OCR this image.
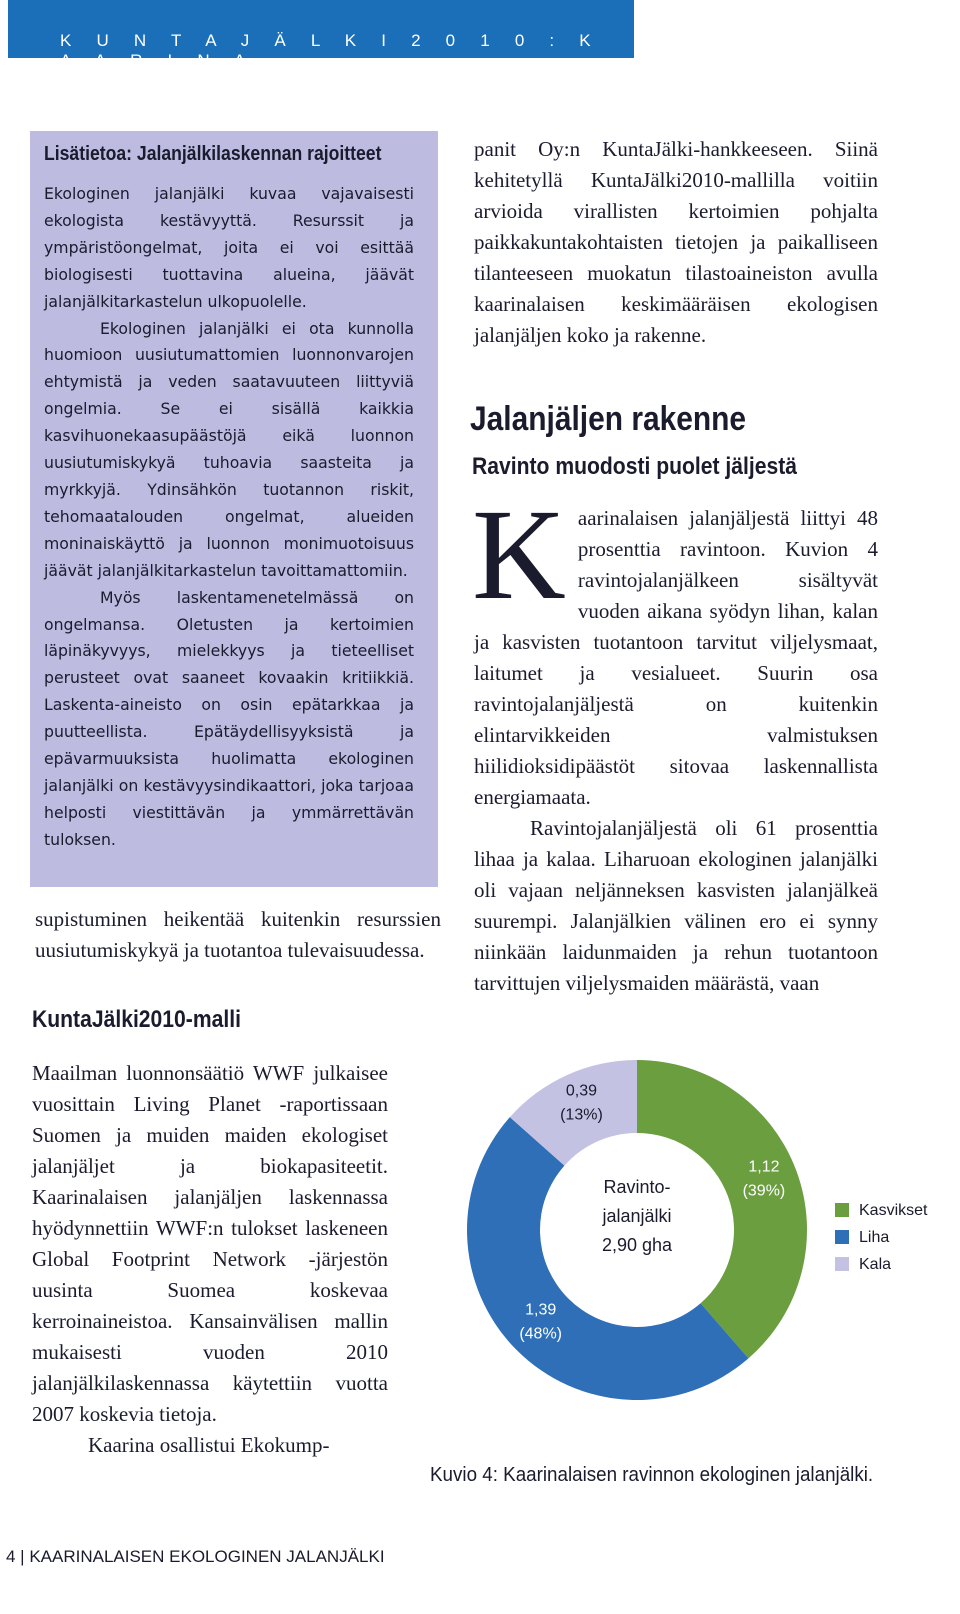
K U N T A J Ä L K I 2 0 1 0 : K A A R I N A
Lisätietoa: Jalanjälkilaskennan rajoitteet

Ekologinen jalanjälki kuvaa vajavaisesti ekologista kestävyyttä. Resurssit ja ympäristöongelmat, joita ei voi esittää biologisesti tuottavina alueina, jäävät jalanjälkitarkastelun ulkopuolelle.

Ekologinen jalanjälki ei ota kunnolla huomioon uusiutumattomien luonnonvarojen ehtymistä ja veden saatavuuteen liittyviä ongelmia. Se ei sisällä kaikkia kasvihuonekaasupäästöjä eikä luonnon uusiutumiskykyä tuhoavia saasteita ja myrkkyjä. Ydinsähkön tuotannon riskit, tehomaatalouden ongelmat, alueiden moninaiskäyttö ja luonnon monimuotoisuus jäävät jalanjälkitarkastelun tavoittamattomiin.

Myös laskentamenetelmässä on ongelmansa. Oletusten ja kertoimien läpinäkyvyys, mielekkyys ja tieteelliset perusteet ovat saaneet kovaakin kritiikkiä. Laskenta-aineisto on osin epätarkkaa ja puutteellista. Epätäydellisyyksistä ja epävarmuuksista huolimatta ekologinen jalanjälki on kestävyysindikaattori, joka tarjoaa helposti viestittävän ja ymmärrettävän tuloksen.

supistuminen heikentää kuitenkin resurssien uusiutumiskykyä ja tuotantoa tulevaisuudessa.

KuntaJälki2010-malli

Maailman luonnonsäätiö WWF julkaisee vuosittain Living Planet -raportissaan Suomen ja muiden maiden ekologiset jalanjäljet ja biokapasiteetit. Kaarinalaisen jalanjäljen laskennassa hyödynnettiin WWF:n tulokset laskeneen Global Footprint Network -järjestön uusinta Suomea koskevaa kerroinaineistoa. Kansainvälisen mallin mukaisesti vuoden 2010 jalanjälkilaskennassa käytettiin vuotta 2007 koskevia tietoja.

Kaarina osallistui Ekokump-

panit Oy:n KuntaJälki-hankkeeseen. Siinä kehitetyllä KuntaJälki2010-mallilla voitiin arvioida virallisten kertoimien pohjalta paikkakuntakohtaisten tietojen ja paikalliseen tilanteeseen muokatun tilastoaineiston avulla kaarinalaisen keskimääräisen ekologisen jalanjäljen koko ja rakenne.

Jalanjäljen rakenne
Ravinto muodosti puolet jäljestä

Kaarinalaisen jalanjäljestä liittyi 48 prosenttia ravintoon. Kuvion 4 ravintojalanjälkeen sisältyvät vuoden aikana syödyn lihan, kalan ja kasvisten tuotantoon tarvitut viljelysmaat, laitumet ja vesialueet. Suurin osa ravintojalanjäljestä on kuitenkin elintarvikkeiden valmistuksen hiilidioksidipäästöt sitovaa laskennallista energiamaata.

Ravintojalanjäljestä oli 61 prosenttia lihaa ja kalaa. Liharuoan ekologinen jalanjälki oli vajaan neljänneksen kasvisten jalanjälkeä suurempi. Jalanjälkien välinen ero ei synny niinkään laidunmaiden ja rehun tuotantoon tarvittujen viljelysmaiden määrästä, vaan

1,12
(39%)
1,39
(48%)
0,39
(13%)
Ravinto-
jalanjälki
2,90 gha
Kasvikset
Liha
Kala

Kuvio 4: Kaarinalaisen ravinnon ekologinen jalanjälki.

4 | KAARINALAISEN EKOLOGINEN JALANJÄLKI
